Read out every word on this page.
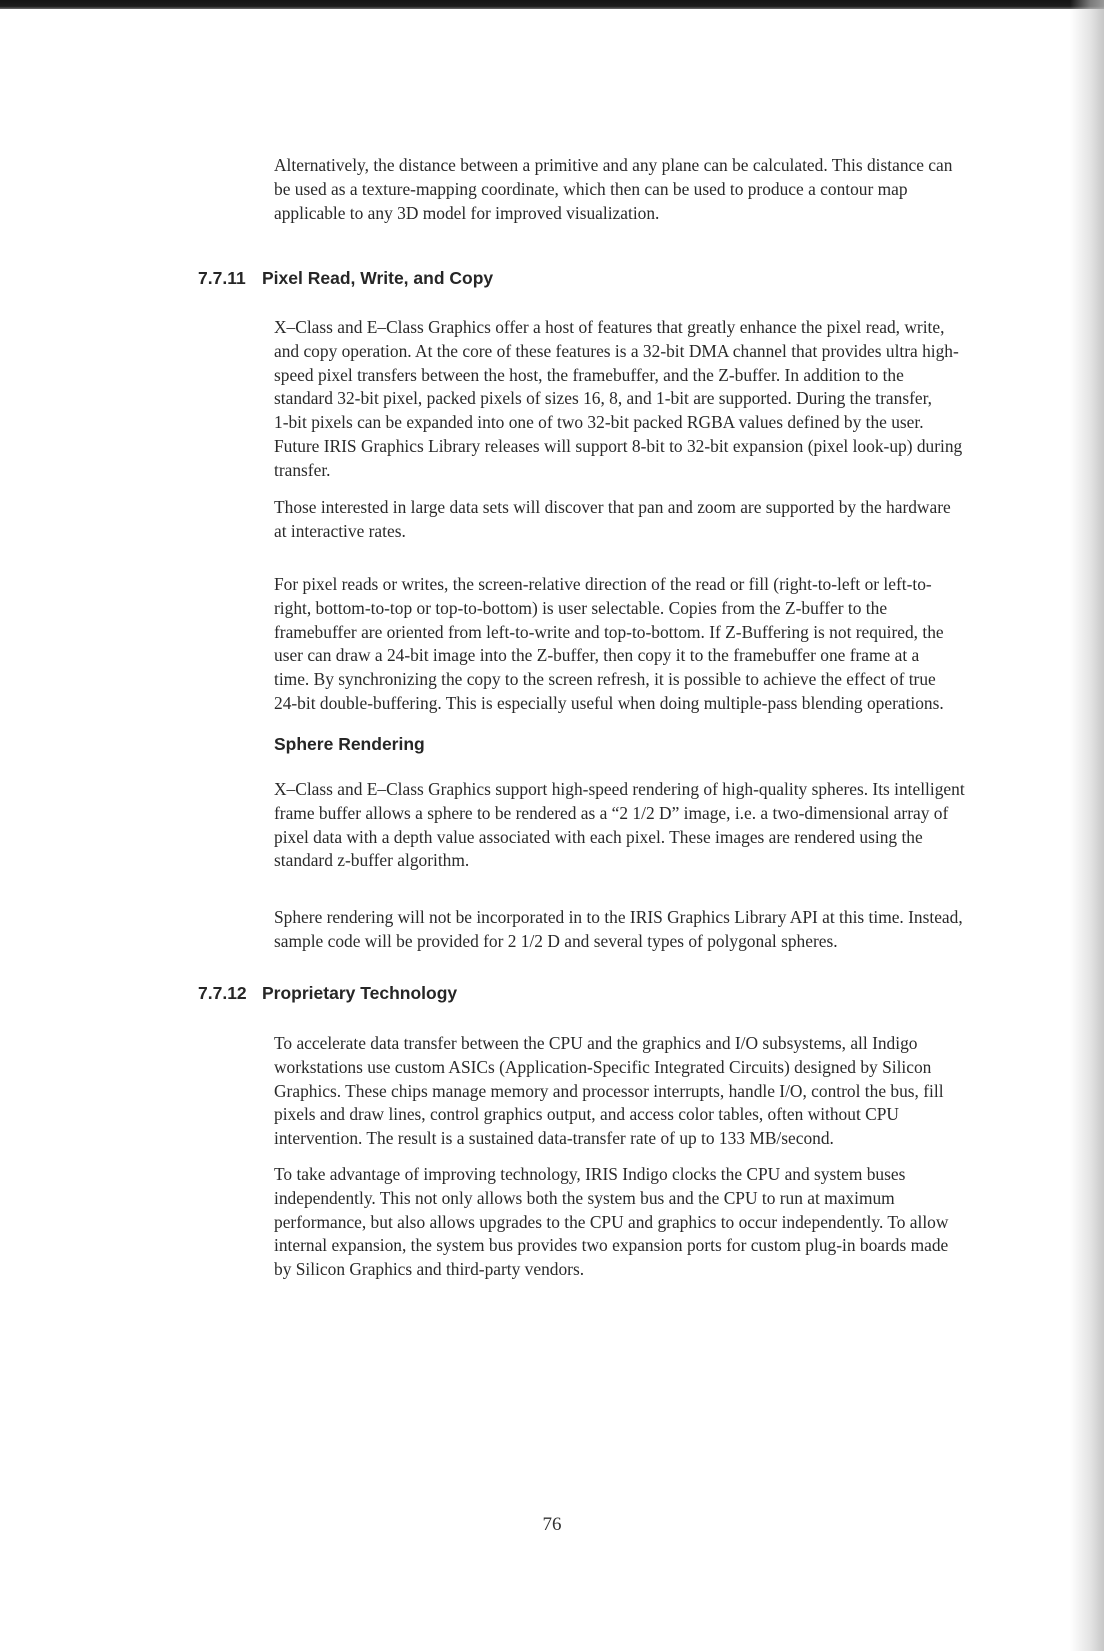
Alternatively, the distance between a primitive and any plane can be calculated. This distance can
be used as a texture-mapping coordinate, which then can be used to produce a contour map
applicable to any 3D model for improved visualization.

7.7.11 Pixel Read, Write, and Copy

X–Class and E–Class Graphics offer a host of features that greatly enhance the pixel read, write,
and copy operation. At the core of these features is a 32-bit DMA channel that provides ultra high-
speed pixel transfers between the host, the framebuffer, and the Z-buffer. In addition to the
standard 32-bit pixel, packed pixels of sizes 16, 8, and 1-bit are supported. During the transfer,
1-bit pixels can be expanded into one of two 32-bit packed RGBA values defined by the user.
Future IRIS Graphics Library releases will support 8-bit to 32-bit expansion (pixel look-up) during
transfer.

Those interested in large data sets will discover that pan and zoom are supported by the hardware
at interactive rates.

For pixel reads or writes, the screen-relative direction of the read or fill (right-to-left or left-to-
right, bottom-to-top or top-to-bottom) is user selectable. Copies from the Z-buffer to the
framebuffer are oriented from left-to-write and top-to-bottom. If Z-Buffering is not required, the
user can draw a 24-bit image into the Z-buffer, then copy it to the framebuffer one frame at a
time. By synchronizing the copy to the screen refresh, it is possible to achieve the effect of true
24-bit double-buffering. This is especially useful when doing multiple-pass blending operations.

Sphere Rendering

X–Class and E–Class Graphics support high-speed rendering of high-quality spheres. Its intelligent
frame buffer allows a sphere to be rendered as a “2 1/2 D” image, i.e. a two-dimensional array of
pixel data with a depth value associated with each pixel. These images are rendered using the
standard z-buffer algorithm.

Sphere rendering will not be incorporated in to the IRIS Graphics Library API at this time. Instead,
sample code will be provided for 2 1/2 D and several types of polygonal spheres.

7.7.12 Proprietary Technology

To accelerate data transfer between the CPU and the graphics and I/O subsystems, all Indigo
workstations use custom ASICs (Application-Specific Integrated Circuits) designed by Silicon
Graphics. These chips manage memory and processor interrupts, handle I/O, control the bus, fill
pixels and draw lines, control graphics output, and access color tables, often without CPU
intervention. The result is a sustained data-transfer rate of up to 133 MB/second.

To take advantage of improving technology, IRIS Indigo clocks the CPU and system buses
independently. This not only allows both the system bus and the CPU to run at maximum
performance, but also allows upgrades to the CPU and graphics to occur independently. To allow
internal expansion, the system bus provides two expansion ports for custom plug-in boards made
by Silicon Graphics and third-party vendors.

76
